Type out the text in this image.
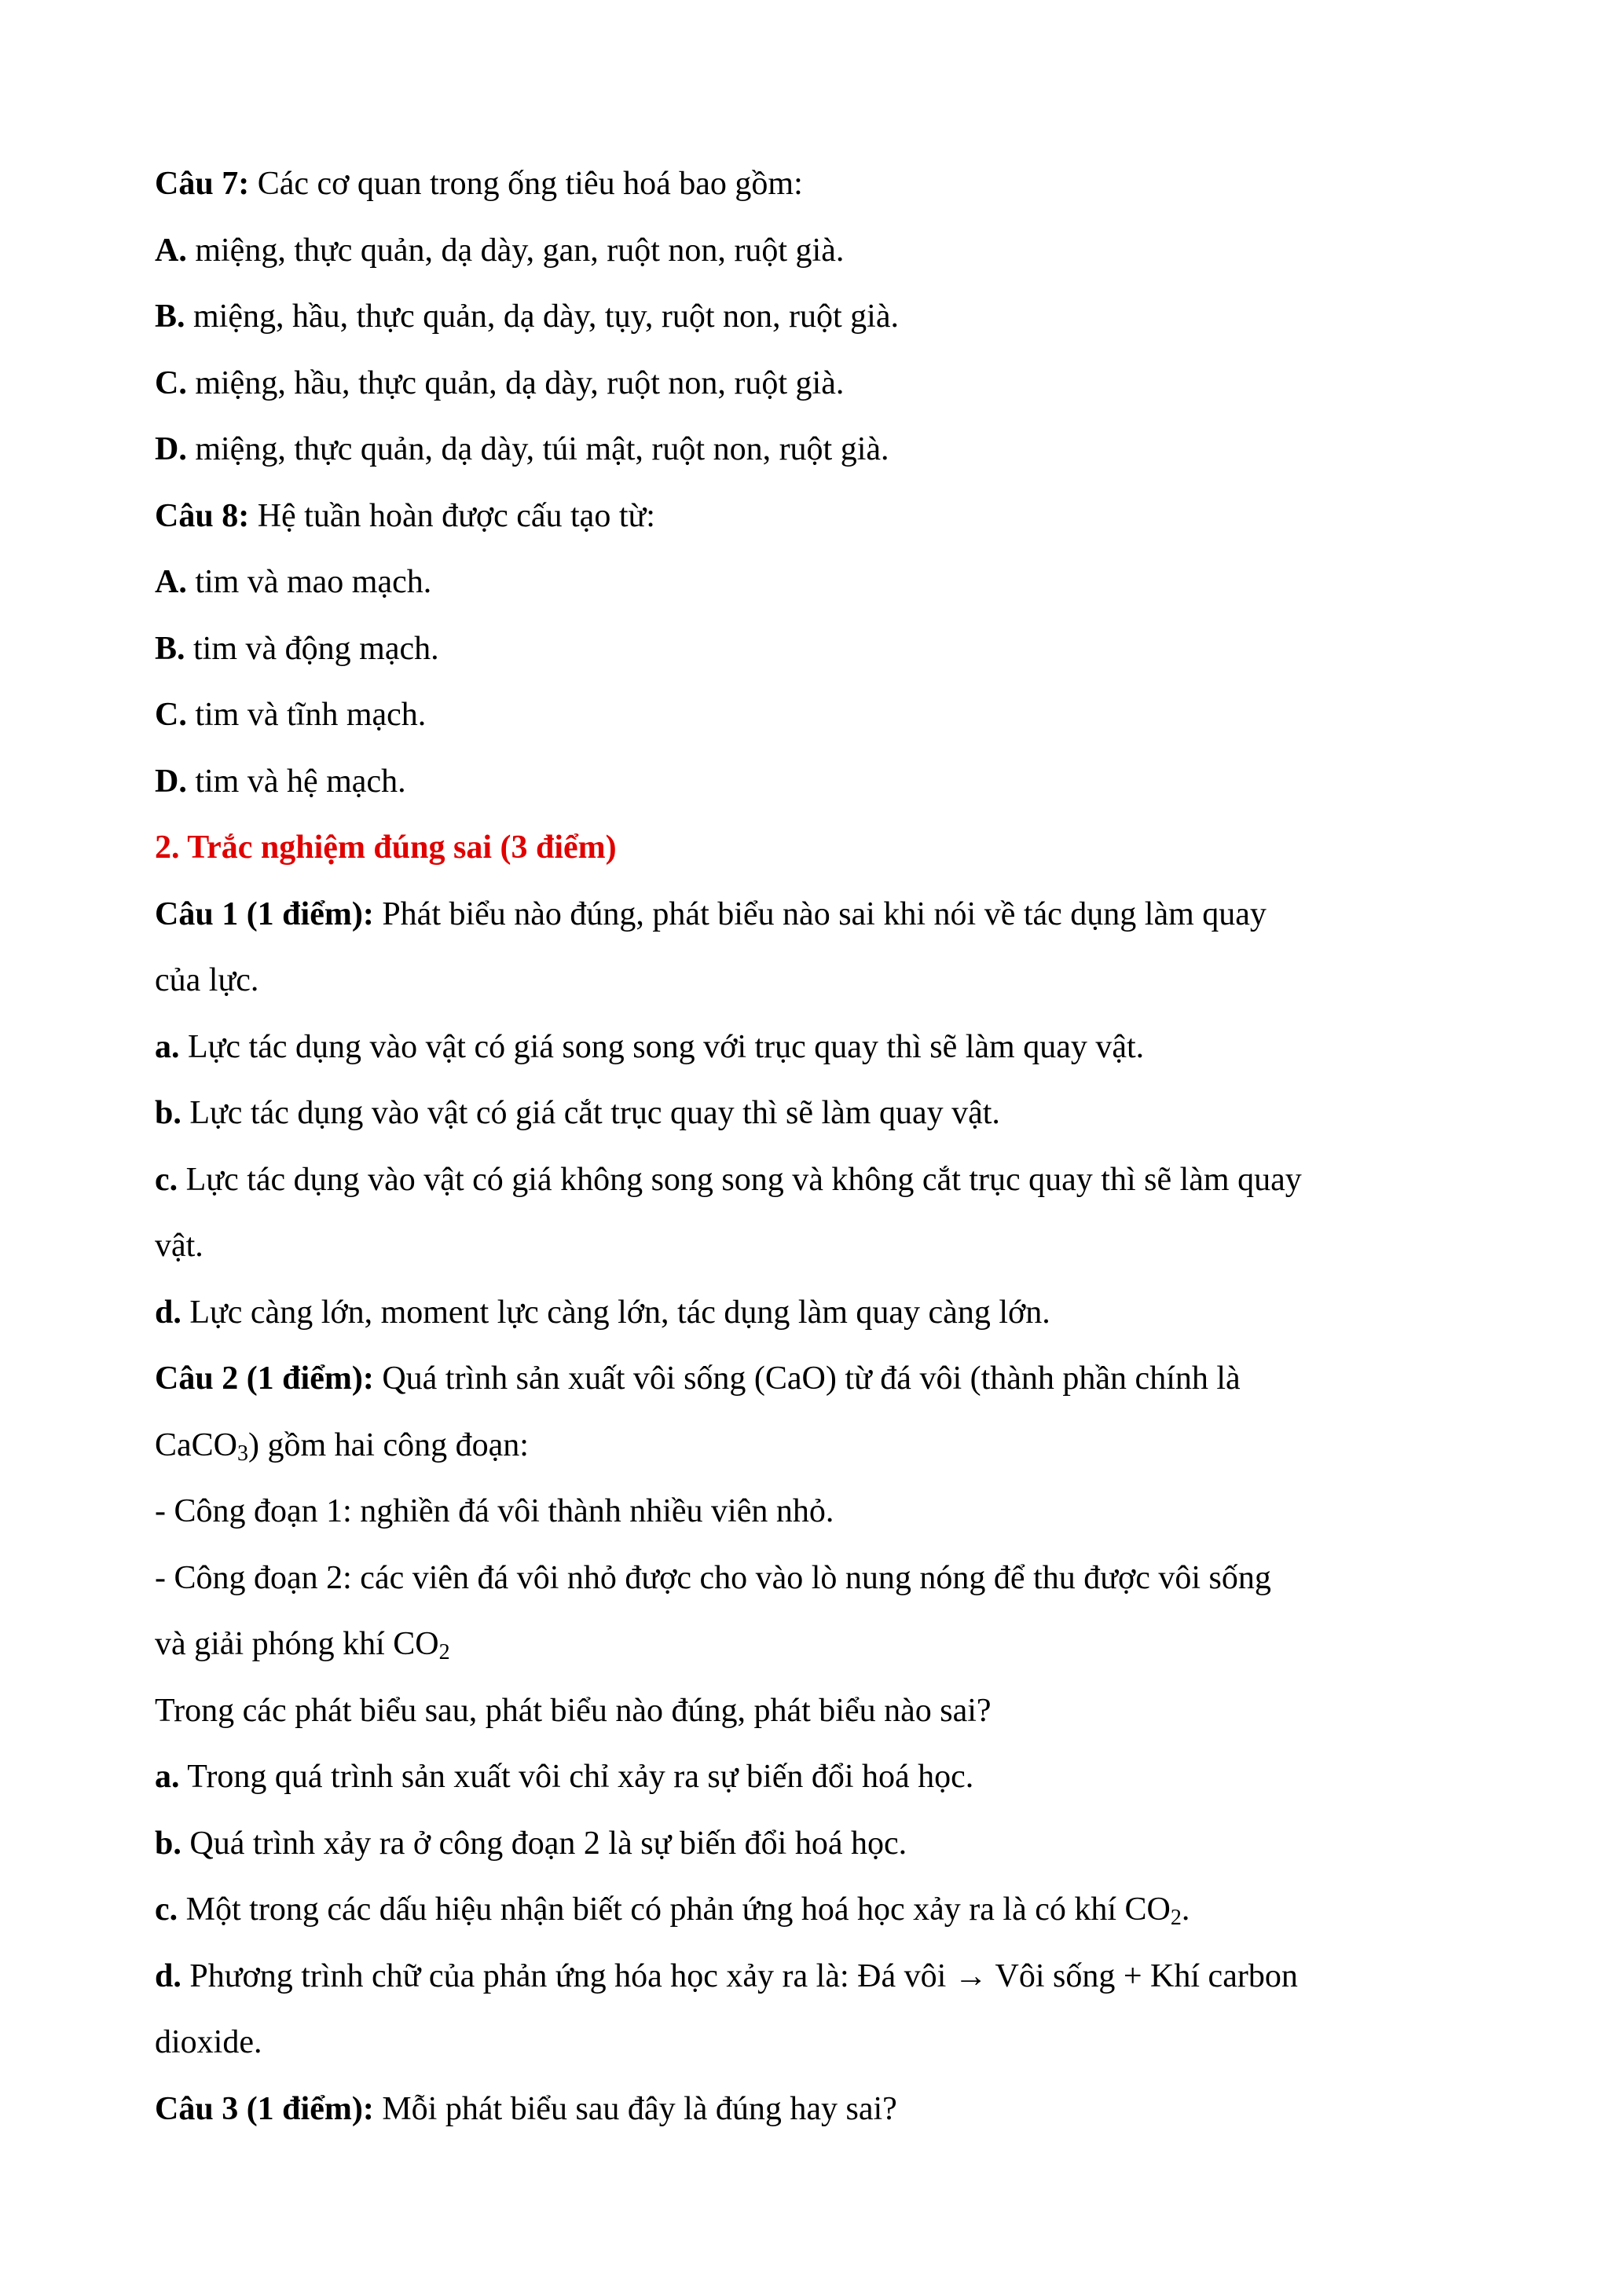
Câu 7: Các cơ quan trong ống tiêu hoá bao gồm:
A. miệng, thực quản, dạ dày, gan, ruột non, ruột già.
B. miệng, hầu, thực quản, dạ dày, tụy, ruột non, ruột già.
C. miệng, hầu, thực quản, dạ dày, ruột non, ruột già.
D. miệng, thực quản, dạ dày, túi mật, ruột non, ruột già.
Câu 8: Hệ tuần hoàn được cấu tạo từ:
A. tim và mao mạch.
B. tim và động mạch.
C. tim và tĩnh mạch.
D. tim và hệ mạch.
2. Trắc nghiệm đúng sai (3 điểm)
Câu 1 (1 điểm): Phát biểu nào đúng, phát biểu nào sai khi nói về tác dụng làm quay
của lực.
a. Lực tác dụng vào vật có giá song song với trục quay thì sẽ làm quay vật.
b. Lực tác dụng vào vật có giá cắt trục quay thì sẽ làm quay vật.
c. Lực tác dụng vào vật có giá không song song và không cắt trục quay thì sẽ làm quay
vật.
d. Lực càng lớn, moment lực càng lớn, tác dụng làm quay càng lớn.
Câu 2 (1 điểm): Quá trình sản xuất vôi sống (CaO) từ đá vôi (thành phần chính là
CaCO$_3$) gồm hai công đoạn:
- Công đoạn 1: nghiền đá vôi thành nhiều viên nhỏ.
- Công đoạn 2: các viên đá vôi nhỏ được cho vào lò nung nóng để thu được vôi sống
và giải phóng khí $CO_2$
Trong các phát biểu sau, phát biểu nào đúng, phát biểu nào sai?
a. Trong quá trình sản xuất vôi chỉ xảy ra sự biến đổi hoá học.
b. Quá trình xảy ra ở công đoạn 2 là sự biến đổi hoá học.
c. Một trong các dấu hiệu nhận biết có phản ứng hoá học xảy ra là có khí $CO_2$.
d. Phương trình chữ của phản ứng hóa học xảy ra là: Đá vôi → Vôi sống + Khí carbon
dioxide.
Câu 3 (1 điểm): Mỗi phát biểu sau đây là đúng hay sai?
